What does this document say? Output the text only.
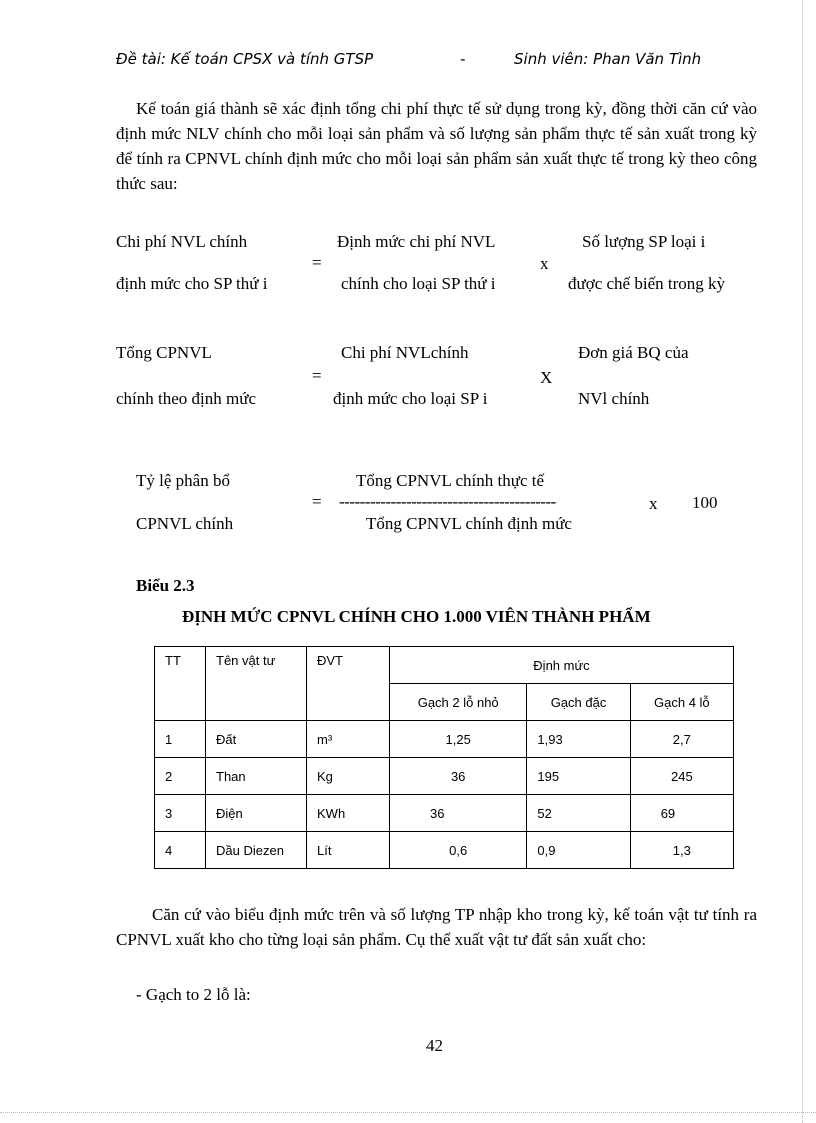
Đề tài: Kế toán CPSX và tính GTSP	-	Sinh viên: Phan Văn Tình
Kế toán giá thành sẽ xác định tổng chi phí thực tế sử dụng trong kỳ, đồng thời căn cứ vào định mức NLV chính cho mỗi loại sản phẩm và số lượng sản phẩm thực tế sản xuất trong kỳ để tính ra CPNVL chính định mức cho mỗi loại sản phẩm sản xuất thực tế trong kỳ theo công thức sau:
Chi phí NVL chính
định mức cho SP thứ i
=
Định mức chi phí NVL
chính cho loại SP thứ i
x
Số lượng SP loại i
được chế biến trong kỳ
Tổng CPNVL
chính theo định mức
=
Chi phí NVLchính
định mức cho loại SP i
X
Đơn giá BQ của
NVl chính
Tỷ lệ phân bổ
CPNVL chính
=
Tổng CPNVL chính thực tế
------------------------------------------
Tổng CPNVL chính định mức
x 100
Biểu 2.3
ĐỊNH MỨC CPNVL CHÍNH CHO 1.000 VIÊN THÀNH PHẨM
TT	Tên vật tư	ĐVT	Định mức		
			Gạch 2 lỗ nhỏ	Gạch đặc	Gạch 4 lỗ
1	Đất	m³	1,25	1,93	2,7
2	Than	Kg	36	195	245
3	Điện	KWh	36	52	69
4	Dầu Diezen	Lít	0,6	0,9	1,3
Căn cứ vào biểu định mức trên và số lượng TP nhập kho trong kỳ, kế toán vật tư tính ra CPNVL xuất kho cho từng loại sản phẩm. Cụ thể xuất vật tư đất sản xuất cho:
- Gạch to 2 lỗ là:
42
